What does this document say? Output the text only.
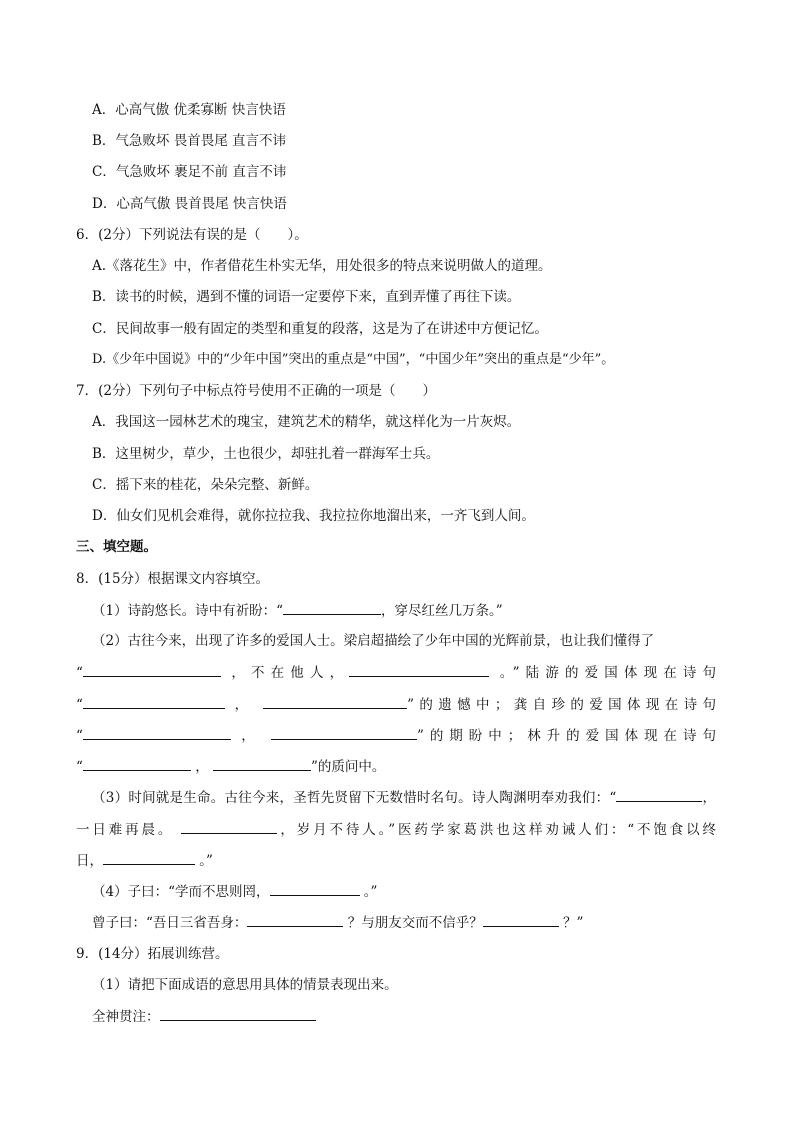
A．心高气傲 优柔寡断 快言快语
B．气急败坏 畏首畏尾 直言不讳
C．气急败坏 裹足不前 直言不讳
D．心高气傲 畏首畏尾 快言快语
6．(2分）下列说法有误的是（　　）。
A.《落花生》中，作者借花生朴实无华，用处很多的特点来说明做人的道理。
B．读书的时候，遇到不懂的词语一定要停下来，直到弄懂了再往下读。
C．民间故事一般有固定的类型和重复的段落，这是为了在讲述中方便记忆。
D.《少年中国说》中的“少年中国”突出的重点是“中国”，“中国少年”突出的重点是“少年”。
7．(2分）下列句子中标点符号使用不正确的一项是（　　）
A．我国这一园林艺术的瑰宝，建筑艺术的精华，就这样化为一片灰烬。
B．这里树少，草少，土也很少，却驻扎着一群海军士兵。
C．摇下来的桂花，朵朵完整、新鲜。
D．仙女们见机会难得，就你拉拉我、我拉拉你地溜出来，一齐飞到人间。
三、填空题。
8．(15分）根据课文内容填空。
（1）诗韵悠长。诗中有祈盼：“	，穿尽红丝几万条。”
（2）古往今来，出现了许多的爱国人士。梁启超描绘了少年中国的光辉前景，也让我们懂得了
“	，不在他人，	。”陆游的爱国体现在诗句
“	，	”的遗憾中；龚自珍的爱国体现在诗句
“	，	”的期盼中；林升的爱国体现在诗句
“	，	”的质问中。
（3）时间就是生命。古往今来，圣哲先贤留下无数惜时名句。诗人陶渊明奉劝我们：“	，
一日难再晨。	，岁月不待人。”医药学家葛洪也这样劝诫人们：“不饱食以终
日，	。”
（4）子曰：“学而不思则罔，	。”
曾子曰：“吾日三省吾身：	？与朋友交而不信乎？	？”
9．(14分）拓展训练营。
（1）请把下面成语的意思用具体的情景表现出来。
全神贯注：
